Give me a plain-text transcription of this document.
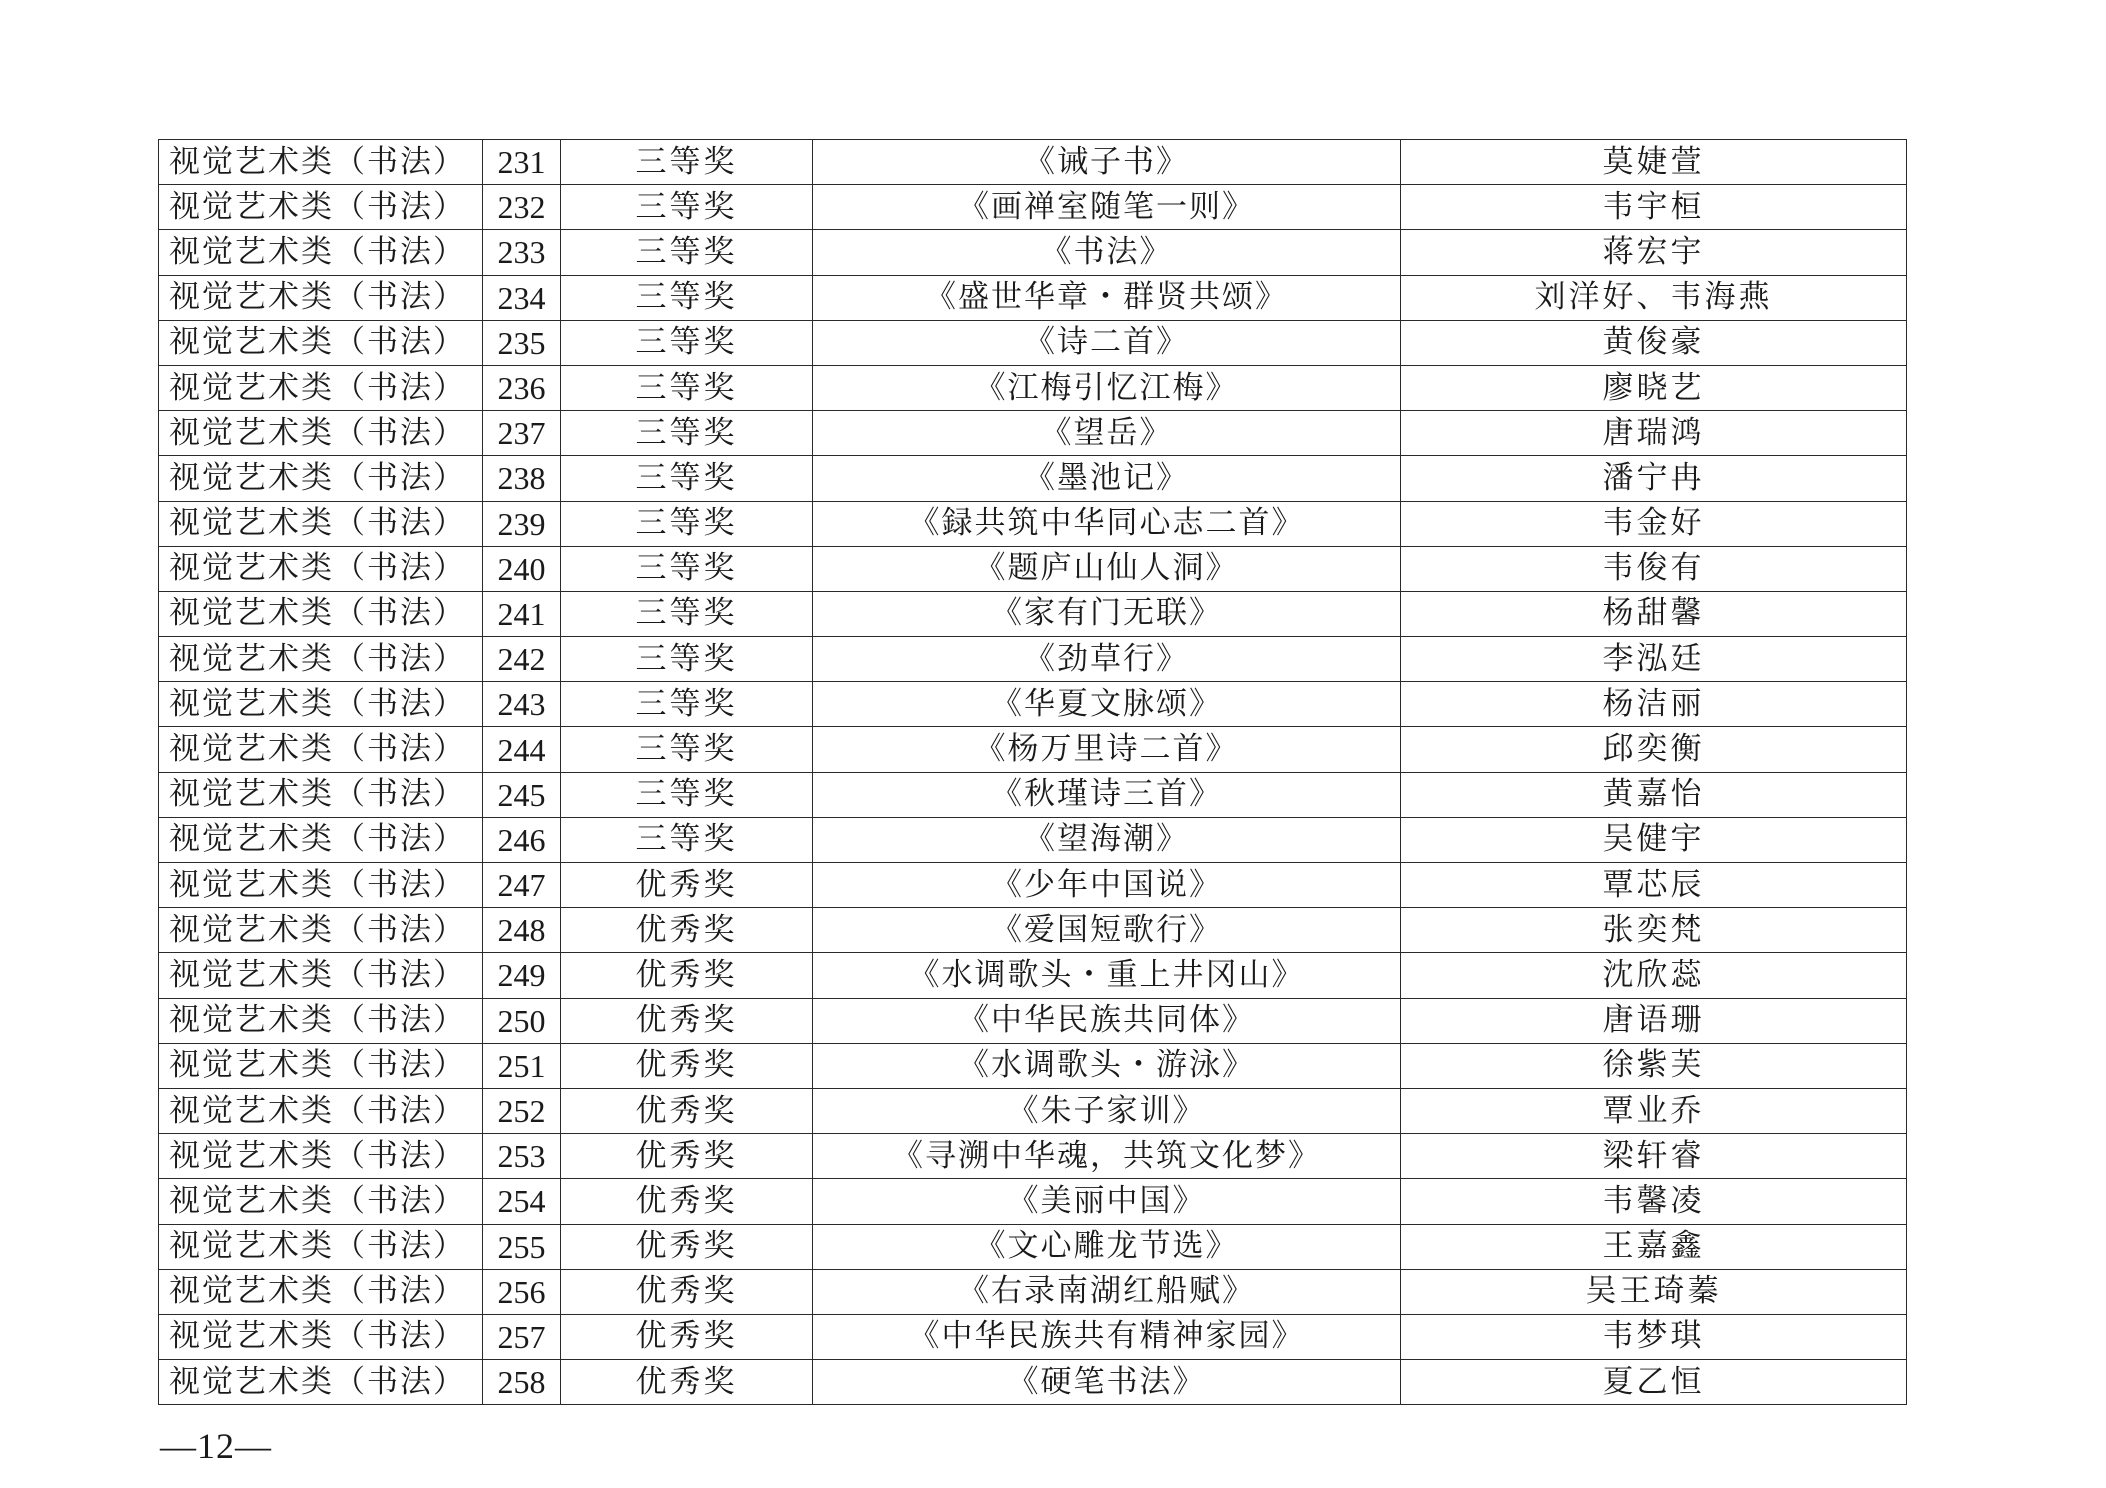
视觉艺术类（书法）	231	三等奖	《诫子书》	莫婕萱
视觉艺术类（书法）	232	三等奖	《画禅室随笔一则》	韦宇桓
视觉艺术类（书法）	233	三等奖	《书法》	蒋宏宇
视觉艺术类（书法）	234	三等奖	《盛世华章・群贤共颂》	刘洋好、韦海燕
视觉艺术类（书法）	235	三等奖	《诗二首》	黄俊豪
视觉艺术类（书法）	236	三等奖	《江梅引忆江梅》	廖晓艺
视觉艺术类（书法）	237	三等奖	《望岳》	唐瑞鸿
视觉艺术类（书法）	238	三等奖	《墨池记》	潘宁冉
视觉艺术类（书法）	239	三等奖	《録共筑中华同心志二首》	韦金好
视觉艺术类（书法）	240	三等奖	《题庐山仙人洞》	韦俊有
视觉艺术类（书法）	241	三等奖	《家有门无联》	杨甜馨
视觉艺术类（书法）	242	三等奖	《劲草行》	李泓廷
视觉艺术类（书法）	243	三等奖	《华夏文脉颂》	杨洁丽
视觉艺术类（书法）	244	三等奖	《杨万里诗二首》	邱奕衡
视觉艺术类（书法）	245	三等奖	《秋瑾诗三首》	黄嘉怡
视觉艺术类（书法）	246	三等奖	《望海潮》	吴健宇
视觉艺术类（书法）	247	优秀奖	《少年中国说》	覃芯辰
视觉艺术类（书法）	248	优秀奖	《爱国短歌行》	张奕梵
视觉艺术类（书法）	249	优秀奖	《水调歌头・重上井冈山》	沈欣蕊
视觉艺术类（书法）	250	优秀奖	《中华民族共同体》	唐语珊
视觉艺术类（书法）	251	优秀奖	《水调歌头・游泳》	徐紫芙
视觉艺术类（书法）	252	优秀奖	《朱子家训》	覃业乔
视觉艺术类（书法）	253	优秀奖	《寻溯中华魂，共筑文化梦》	梁轩睿
视觉艺术类（书法）	254	优秀奖	《美丽中国》	韦馨凌
视觉艺术类（书法）	255	优秀奖	《文心雕龙节选》	王嘉鑫
视觉艺术类（书法）	256	优秀奖	《右录南湖红船赋》	吴王琦蓁
视觉艺术类（书法）	257	优秀奖	《中华民族共有精神家园》	韦梦琪
视觉艺术类（书法）	258	优秀奖	《硬笔书法》	夏乙恒
—12—
